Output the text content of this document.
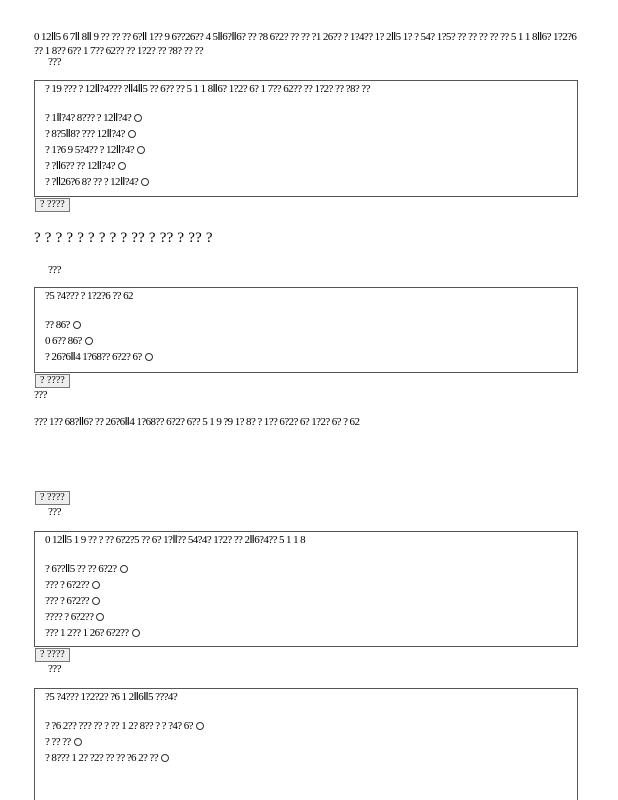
0 12Ⅱ5 6 7Ⅱ 8Ⅱ 9 ?? ?? ?? 6?Ⅱ 1?? 9 6??26?? 4 5Ⅱ6?Ⅱ6? ?? ?8 6?2? ?? ?? ?1 26?? ? 1?4?? 1? 2Ⅱ5 1? ? 54? 1?5? ?? ?? ?? ?? ?? 5 1 1 8Ⅱ6? 1?2?6
?? 1 8?? 6?? 1 7?? 62?? ?? 1?2? ?? ?8? ?? ??
???
? 19 ??? ? 12Ⅱ?4??? ?Ⅱ4Ⅱ5 ?? 6?? ?? 5 1 1 8Ⅱ6? 1?2? 6? 1 7?? 62?? ?? 1?2? ?? ?8? ??
? 1Ⅱ?4? 8??? ? 12Ⅱ?4?
? 8?5Ⅱ8? ??? 12Ⅱ?4?
? 1?6 9 5?4?? ? 12Ⅱ?4?
? ?Ⅱ6?? ?? 12Ⅱ?4?
? ?Ⅱ26?6 8? ?? ? 12Ⅱ?4?
? ????
? ? ? ? ? ? ? ? ? ?? ? ?? ? ?? ?
???
?5 ?4??? ? 1?2?6 ?? 62
?? 86?
0 6?? 86?
? 26?6Ⅱ4 1?68?? 6?2? 6?
? ????
???
??? 1?? 68?Ⅱ6? ?? 26?6Ⅱ4 1?68?? 6?2? 6?? 5 1 9 ?9 1? 8? ? 1?? 6?2? 6? 1?2? 6? ? 62
? ????
???
0 12Ⅱ5 1 9 ?? ? ?? 6?2?5 ?? 6? 1?Ⅱ?? 54?4? 1?2? ?? 2Ⅱ6?4?? 5 1 1 8
? 6??Ⅱ5 ?? ?? 6?2?
??? ? 6?2??
??? ? 6?2??
???? ? 6?2??
??? 1 2?? 1 26? 6?2??
? ????
???
?5 ?4??? 1?2?2? ?6 1 2Ⅱ6Ⅱ5 ???4?
? ?6 2?? ??? ?? ? ?? 1 2? 8?? ? ? ?4? 6?
? ?? ??
? 8??? 1 2? ?2? ?? ?? ?6 2? ??
